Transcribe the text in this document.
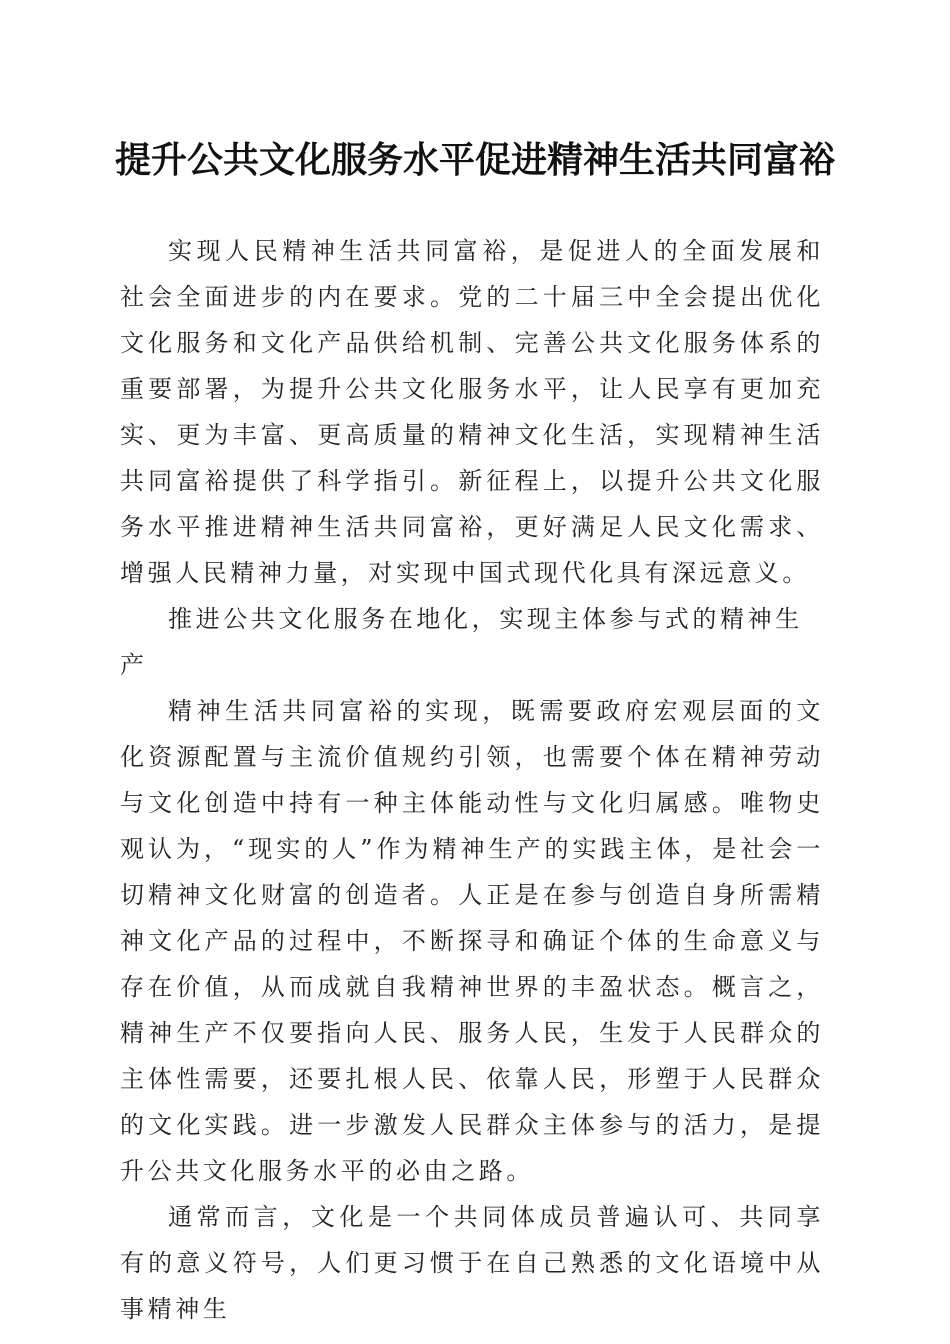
提升公共文化服务水平促进精神生活共同富裕

实现人民精神生活共同富裕，是促进人的全面发展和社会全面进步的内在要求。党的二十届三中全会提出优化文化服务和文化产品供给机制、完善公共文化服务体系的重要部署，为提升公共文化服务水平，让人民享有更加充实、更为丰富、更高质量的精神文化生活，实现精神生活共同富裕提供了科学指引。新征程上，以提升公共文化服务水平推进精神生活共同富裕，更好满足人民文化需求、增强人民精神力量，对实现中国式现代化具有深远意义。

推进公共文化服务在地化，实现主体参与式的精神生产

精神生活共同富裕的实现，既需要政府宏观层面的文化资源配置与主流价值规约引领，也需要个体在精神劳动与文化创造中持有一种主体能动性与文化归属感。唯物史观认为，“现实的人”作为精神生产的实践主体，是社会一切精神文化财富的创造者。人正是在参与创造自身所需精神文化产品的过程中，不断探寻和确证个体的生命意义与存在价值，从而成就自我精神世界的丰盈状态。概言之，精神生产不仅要指向人民、服务人民，生发于人民群众的主体性需要，还要扎根人民、依靠人民，形塑于人民群众的文化实践。进一步激发人民群众主体参与的活力，是提升公共文化服务水平的必由之路。

通常而言，文化是一个共同体成员普遍认可、共同享有的意义符号，人们更习惯于在自己熟悉的文化语境中从事精神生
